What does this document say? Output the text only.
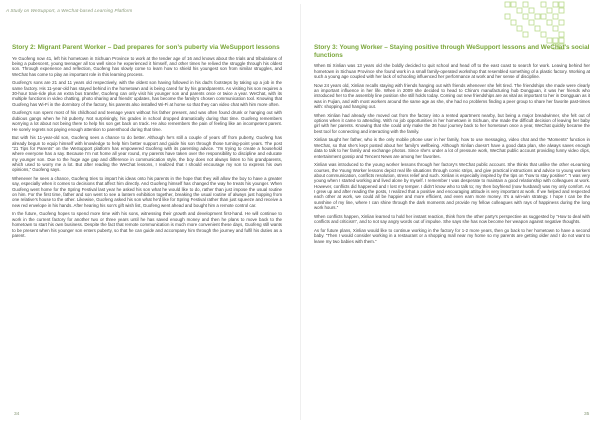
A Study on WeSupport, a WeChat-based Learning Platform
Story 2: Migrant Parent Worker – Dad prepares for son’s puberty via WeSupport lessons

Ye Guofeng now 41, left his hometown in Sichuan Province to work at the tender age of 16 and knows about the trials and tribulations of being a pubescent, young teenager all too well since he experienced it himself, and other times he relived the struggle through his oldest son. Through experience and reflection, Guofeng has slowly come to learn how to shield his youngest son from similar struggles, and WeChat has come to play an important role in this learning process.

Guofeng's sons are 21 and 11 years old respectively, with the oldest son having followed in his dad's footsteps by taking up a job in the same factory. His 11-year-old has stayed behind in the hometown and is being cared for by his grandparents. As visiting his son requires a 30-hour train-ride plus an extra bus transfer, Guofeng can only visit his younger son and parents once or twice a year. WeChat, with its multiple functions in video chatting, photo sharing and friends' updates, has become the family's chosen communication tool. Knowing that Guofeng has Wi-Fi in the dormitory of the factory, his parents also installed Wi-Fi at home so that they can video chat with him more often.

Guofeng's son spent most of his childhood and teenage years without his father present, and was often found drunk or hanging out with dubious gangs when he hit puberty. Not surprisingly, his grades in school dropped dramatically during that time. Guofeng remembers worrying a lot about not being there to help his son get back on track. He also remembers the pain of feeling like an incompetent parent. He sorely regrets not paying enough attention to parenthood during that time.

But with his 11-year-old son, Guofeng sees a chance to do better. Although he's still a couple of years off from puberty, Guofeng has already begun to equip himself with knowledge to help him better support and guide his son through those turning-point years. The post “21 Tips for Parents” on the WeSupport platform has empowered Guofeng with its parenting advice. “I'm trying to create a household where everyone has a say. Because I'm not home all year round, my parents have taken over the responsibility to discipline and educate my younger son. Due to the huge age gap and difference in communication style, the boy does not always listen to his grandparents, which used to worry me a lot. But after reading the WeChat lessons, I realized that I should encourage my son to express his own opinions,” Guofeng says.

Whenever he sees a chance, Guofeng tries to impart his ideas onto his parents in the hope that they will allow the boy to have a greater say, especially when it comes to decisions that affect him directly. And Guofeng himself has changed the way he treats his younger. When Guofeng went home for the Spring Festival last year he asked his son what he would like to do, rather than just impose the usual routine on him. For the first time, father and son went to see a lantern exhibition together, breaking the usual routine of always just hopping from one relative's house to the other. Likewise, Guofeng asked his son what he'd like for Spring Festival rather than just squeeze and receive a new red envelope in his hands. After hearing his son's gift wish list, Guofeng went ahead and bought him a remote control car.

In the future, Guofeng hopes to spend more time with his sons, witnessing their growth and development first-hand. He will continue to work in the current factory for another two or three years until he has saved enough money and then he plans to move back to the hometown to start his own business. Despite the fact that remote communication is much more convenient these days, Guofeng still wants to be present when his younger son enters puberty, so that he can guide and accompany him through the journey and fulfil his duties as a parent.

Story 3: Young Worker – Staying positive through WeSupport lessons and WeChat's social functions

When Bi Xinlian was 13 years old she boldly decided to quit school and head off to the east coast to search for work. Leaving behind her hometown in Sichuan Province she found work in a small family-operated workshop that resembled something of a plastic factory. Working at such a young age coupled with her lack of schooling influenced her performance at work and her sense of discipline.

Now 24 years old, Xinlian recalls staying with friends hanging out with friends whenever she felt tired. The friendships she made were clearly an important influence in her life. When in 2009 she decided to head to China's manufacturing hub Dongguan, it was her friends who introduced her to the assembly line position she still holds today. Coming out new friendships are as vital as important to her in Dongguan as it was in Fujian, and with most workers around the same age as she, she had no problems finding a peer group to share her favorite past-times with: shopping and hanging out.

When Xinlian had already she moved out from the factory into a rented apartment nearby, but being a major breadwinner, she felt out of options when it came to attending. With no job opportunities in her hometown in Sichuan, she made the difficult decision of leaving her baby girl with her parents. Knowing that she could only make the 36 hour journey back to her hometown once a year, WeChat quickly became the best tool for connecting and interacting with the family.

Xinlian taught her father, who is the only mobile phone user in her family, how to use messaging, video chat and the “Moments” function in WeChat, so that she's kept posted about her family's wellbeing. Although Xinlian doesn't have a good data plan, she always saves enough data to talk to her family and exchange photos. Since she's under a lot of pressure work, WeChat public account providing funny video clips, entertainment gossip and Tencent News are among her favorites.

Xinlian was introduced to the young worker lessons through her factory's WeChat public account. She thinks that unlike the other eLearning courses, the Young Worker lessons depict real life situations through comic strips, and give practical instructions and advice to young workers about communication, conflicts resolution, stress relief and such. Xinlian is especially inspired by the tips on “how to stay positive”: “I was very young when I started working and lived alone by myself. I remember I was desperate to maintain a good relationship with colleagues at work. However, conflicts did happened and I lost my temper. I didn't know who to talk to; my then boyfriend (now husband) was my only comfort. As I grew up and after reading the posts, I realized that a positive and encouraging attitude is very important at work. If we helped and respected each other at work, we could all be happier and more efficient, and even earn more money. It's a win-win strategy. I hope I can be the sunshine of my line, where I can shine through the dark moments and provide my fellow colleagues with rays of happiness during the long work hours.”

When conflicts happen, Xinlian learned to hold her instant reaction, think from the other party's perspective as suggested by “How to deal with conflicts and criticism”, and to not say angry words out of impulse. She says she has now become her weapon against negative thoughts.

As for future plans, Xinlian would like to continue working in the factory for 1-2 more years, then go back to her hometown to have a second baby. “Then I would consider working in a restaurant or a shopping mall near my home so my parents are getting older and I do not want to leave my two babies with them.”

34	35
